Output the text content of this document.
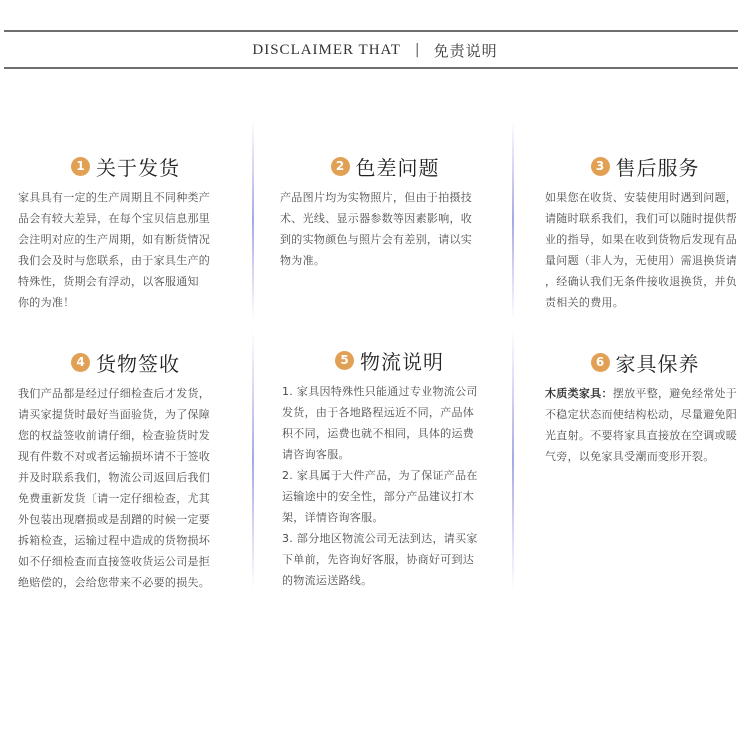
DISCLAIMER THAT | 免责说明
1 关于发货
家具具有一定的生产周期且不同种类产
品会有较大差异，在每个宝贝信息那里
会注明对应的生产周期，如有断货情况
我们会及时与您联系，由于家具生产的
特殊性，货期会有浮动，以客服通知
你的为准！
2 色差问题
产品图片均为实物照片，但由于拍摄技
术、光线、显示器参数等因素影响，收
到的实物颜色与照片会有差别，请以实
物为准。
3 售后服务
如果您在收货、安装使用时遇到问题，
请随时联系我们，我们可以随时提供帮
业的指导，如果在收到货物后发现有品
量问题（非人为，无使用）需退换货请
，经确认我们无条件接收退换货，并负
责相关的费用。
4 货物签收
我们产品都是经过仔细检查后才发货，
请买家提货时最好当面验货，为了保障
您的权益签收前请仔细，检查验货时发
现有件数不对或者运输损坏请不于签收
并及时联系我们，物流公司返回后我们
免费重新发货〔请一定仔细检查，尤其
外包装出现磨损或是刮蹭的时候一定要
拆箱检查，运输过程中造成的货物损坏
如不仔细检查而直接签收货运公司是拒
绝赔偿的，会给您带来不必要的损失。
5 物流说明
1. 家具因特殊性只能通过专业物流公司
发货，由于各地路程远近不同，产品体
积不同，运费也就不相同，具体的运费
请咨询客服。
2. 家具属于大件产品，为了保证产品在
运输途中的安全性，部分产品建议打木
架，详情咨询客服。
3. 部分地区物流公司无法到达，请买家
下单前，先咨询好客服，协商好可到达
的物流运送路线。
6 家具保养
木质类家具：摆放平整，避免经常处于
不稳定状态而使结构松动，尽量避免阳
光直射。不要将家具直接放在空调或暖
气旁，以免家具受潮而变形开裂。
